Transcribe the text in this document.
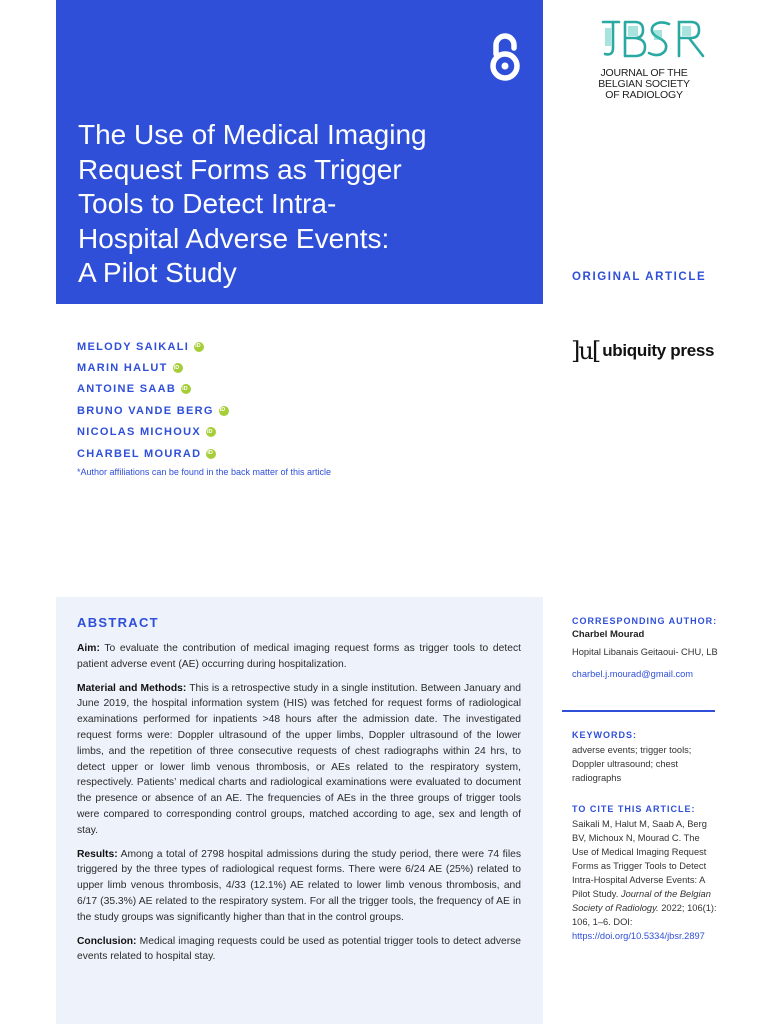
The Use of Medical Imaging
Request Forms as Trigger
Tools to Detect Intra-
Hospital Adverse Events:
A Pilot Study
JOURNAL OF THE
BELGIAN SOCIETY
OF RADIOLOGY
ORIGINAL ARTICLE
]u[ ubiquity press
MELODY SAIKALI
iD
MARIN HALUT
iD
ANTOINE SAAB
iD
BRUNO VANDE BERG
iD
NICOLAS MICHOUX
iD
CHARBEL MOURAD
iD
*Author affiliations can be found in the back matter of this article
ABSTRACT

Aim: To evaluate the contribution of medical imaging request forms as trigger tools to detect patient adverse event (AE) occurring during hospitalization.

Material and Methods: This is a retrospective study in a single institution. Between January and June 2019, the hospital information system (HIS) was fetched for request forms of radiological examinations performed for inpatients >48 hours after the admission date. The investigated request forms were: Doppler ultrasound of the upper limbs, Doppler ultrasound of the lower limbs, and the repetition of three consecutive requests of chest radiographs within 24 hrs, to detect upper or lower limb venous thrombosis, or AEs related to the respiratory system, respectively. Patients’ medical charts and radiological examinations were evaluated to document the presence or absence of an AE. The frequencies of AEs in the three groups of trigger tools were compared to corresponding control groups, matched according to age, sex and length of stay.

Results: Among a total of 2798 hospital admissions during the study period, there were 74 files triggered by the three types of radiological request forms. There were 6/24 AE (25%) related to upper limb venous thrombosis, 4/33 (12.1%) AE related to lower limb venous thrombosis, and 6/17 (35.3%) AE related to the respiratory system. For all the trigger tools, the frequency of AE in the study groups was significantly higher than that in the control groups.

Conclusion: Medical imaging requests could be used as potential trigger tools to detect adverse events related to hospital stay.

CORRESPONDING AUTHOR:
Charbel Mourad
Hopital Libanais Geitaoui- CHU, LB
charbel.j.mourad@gmail.com
KEYWORDS:
adverse events; trigger tools; Doppler ultrasound; chest radiographs
TO CITE THIS ARTICLE:
Saikali M, Halut M, Saab A, Berg BV, Michoux N, Mourad C. The Use of Medical Imaging Request Forms as Trigger Tools to Detect Intra-Hospital Adverse Events: A Pilot Study. Journal of the Belgian Society of Radiology. 2022; 106(1): 106, 1–6. DOI: https://doi.org/10.5334/jbsr.2897
